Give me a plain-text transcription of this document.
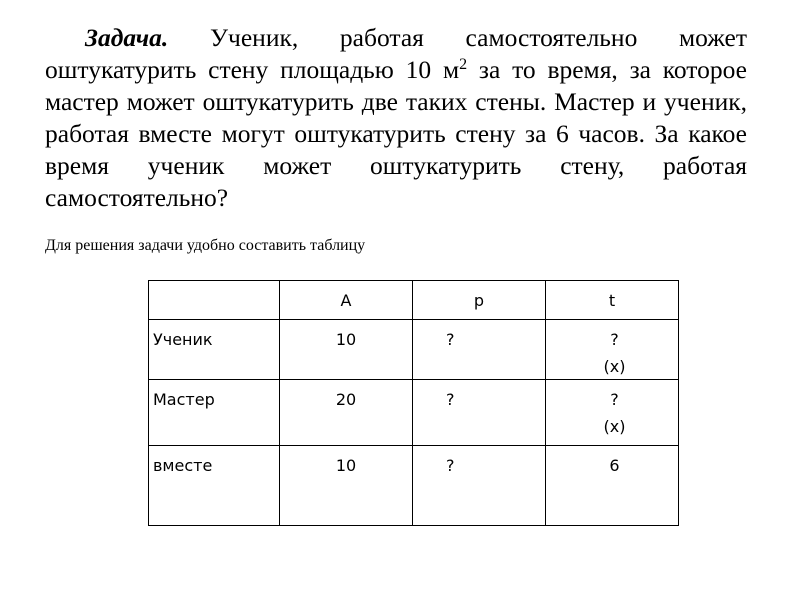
Задача. Ученик, работая самостоятельно может оштукатурить стену площадью 10 $м^2$ за то время, за которое мастер может оштукатурить две таких стены. Мастер и ученик, работая вместе могут оштукатурить стену за 6 часов. За какое время ученик может оштукатурить стену, работая самостоятельно?

Для решения задачи удобно составить таблицу

	A	p	t
Ученик	10	?	?
(x)

Мастер	20	?	?
(x)

вместе	10	?	6
